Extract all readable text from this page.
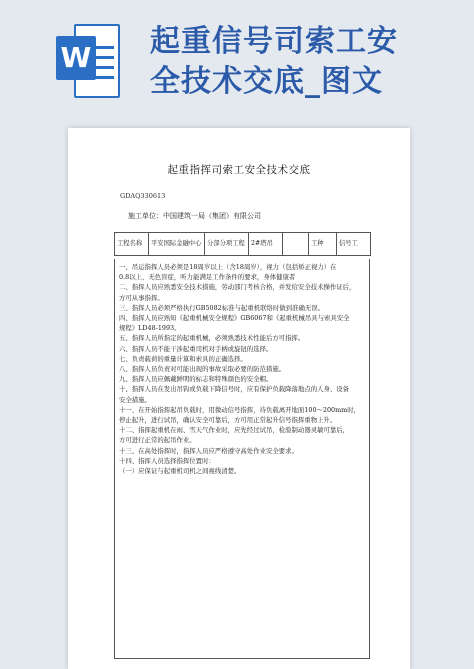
W 起重信号司索工安
全技术交底_图文
起重指挥司索工安全技术交底
GDAQ330613
施工单位：中国建筑一局（集团）有限公司
工程名称	平安国际金融中心	分部分项工程	2#塔吊		工种	信号工
一、吊运指挥人员必须是18周岁以上（含18周岁），视力（包括矫正视力）在
0.8以上，无色盲症，听力能满足工作条件的要求，身体健康者
二、指挥人员应熟悉安全技术措施，劳动部门考核合格，并发给安全技术操作证后，
方可从事指挥。
三、指挥人员必须严格执行GB5082标准与起重机联络时做到准确无误。
四、指挥人员应熟知《起重机械安全规程》GB6067和《起重机械吊具与索具安全
规程》LD48-1993。
五、指挥人员所指定的起重机械，必须熟悉技术性能后方可指挥。
六、指挥人员不能干涉起重司机对手柄或旋钮的选择。
七、负责载荷的重量计算和索具的正确选择。
八、指挥人员负责对可能出现的事故采取必要的防范措施。
九、指挥人员应佩戴鲜明的标志和特殊颜色的安全帽。
十、指挥人员在发出吊钩或负载下降信号时，应有保护负载降落地点的人身、设备
安全措施。
十一、在开始指挥起吊负载时，用微动信号指挥，待负载离开地面100～200mm时，
停止起升，进行试吊，确认安全可靠后，方可用正常起升信号指挥重物上升。
十二、指挥起重机在雨、雪天气作业时，应先经过试吊，检验制动器灵敏可靠后，
方可进行正常的起吊作业。
十三、在高处指挥时，指挥人员应严格遵守高处作业安全要求。
十四、指挥人员选择指挥位置时：
（一）应保证与起重机司机之间视线清楚。
